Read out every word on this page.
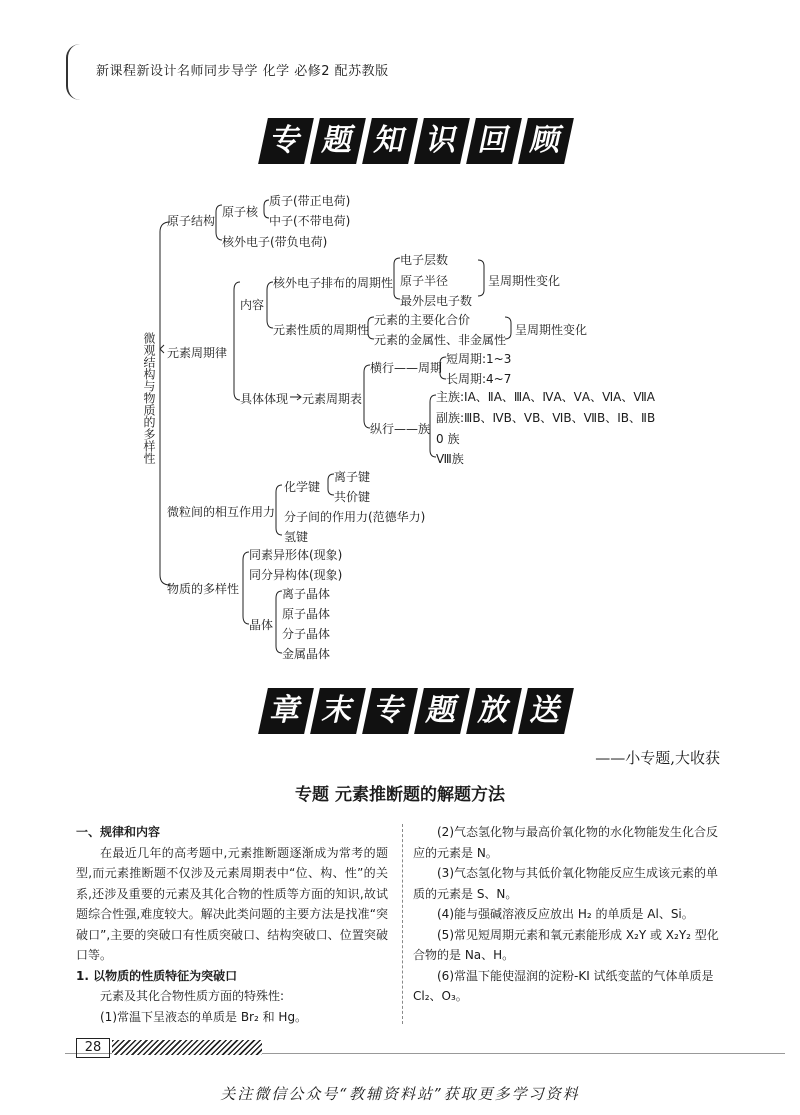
新课程新设计名师同步导学 化学 必修2 配苏教版
专 题 知 识 回 顾
微观结构与物质的多样性
原子结构
原子核
质子(带正电荷)
中子(不带电荷)
核外电子(带负电荷)
元素周期律
内容
核外电子排布的周期性
电子层数
原子半径
最外层电子数
呈周期性变化
元素性质的周期性
元素的主要化合价
元素的金属性、非金属性
呈周期性变化
具体体现 元素周期表
横行——周期
短周期:1~3
长周期:4~7
纵行——族
主族:ⅠA、ⅡA、ⅢA、ⅣA、ⅤA、ⅥA、ⅦA
副族:ⅢB、ⅣB、ⅤB、ⅥB、ⅦB、ⅠB、ⅡB
0 族
Ⅷ族
微粒间的相互作用力
化学键
离子键
共价键
分子间的作用力(范德华力)
氢键
物质的多样性
同素异形体(现象)
同分异构体(现象)
晶体
离子晶体
原子晶体
分子晶体
金属晶体
章 末 专 题 放 送
——小专题,大收获
专题 元素推断题的解题方法

一、规律和内容

在最近几年的高考题中,元素推断题逐渐成为常考的题型,而元素推断题不仅涉及元素周期表中“位、构、性”的关系,还涉及重要的元素及其化合物的性质等方面的知识,故试题综合性强,难度较大。解决此类问题的主要方法是找准“突破口”,主要的突破口有性质突破口、结构突破口、位置突破口等。

1. 以物质的性质特征为突破口

元素及其化合物性质方面的特殊性:

(1)常温下呈液态的单质是 Br₂ 和 Hg。

(2)气态氢化物与最高价氧化物的水化物能发生化合反应的元素是 N。

(3)气态氢化物与其低价氧化物能反应生成该元素的单质的元素是 S、N。

(4)能与强碱溶液反应放出 H₂ 的单质是 Al、Si。

(5)常见短周期元素和氧元素能形成 X₂Y 或 X₂Y₂ 型化合物的是 Na、H。

(6)常温下能使湿润的淀粉-KI 试纸变蓝的气体单质是 Cl₂、O₃。

28
关注微信公众号“教辅资料站”获取更多学习资料
